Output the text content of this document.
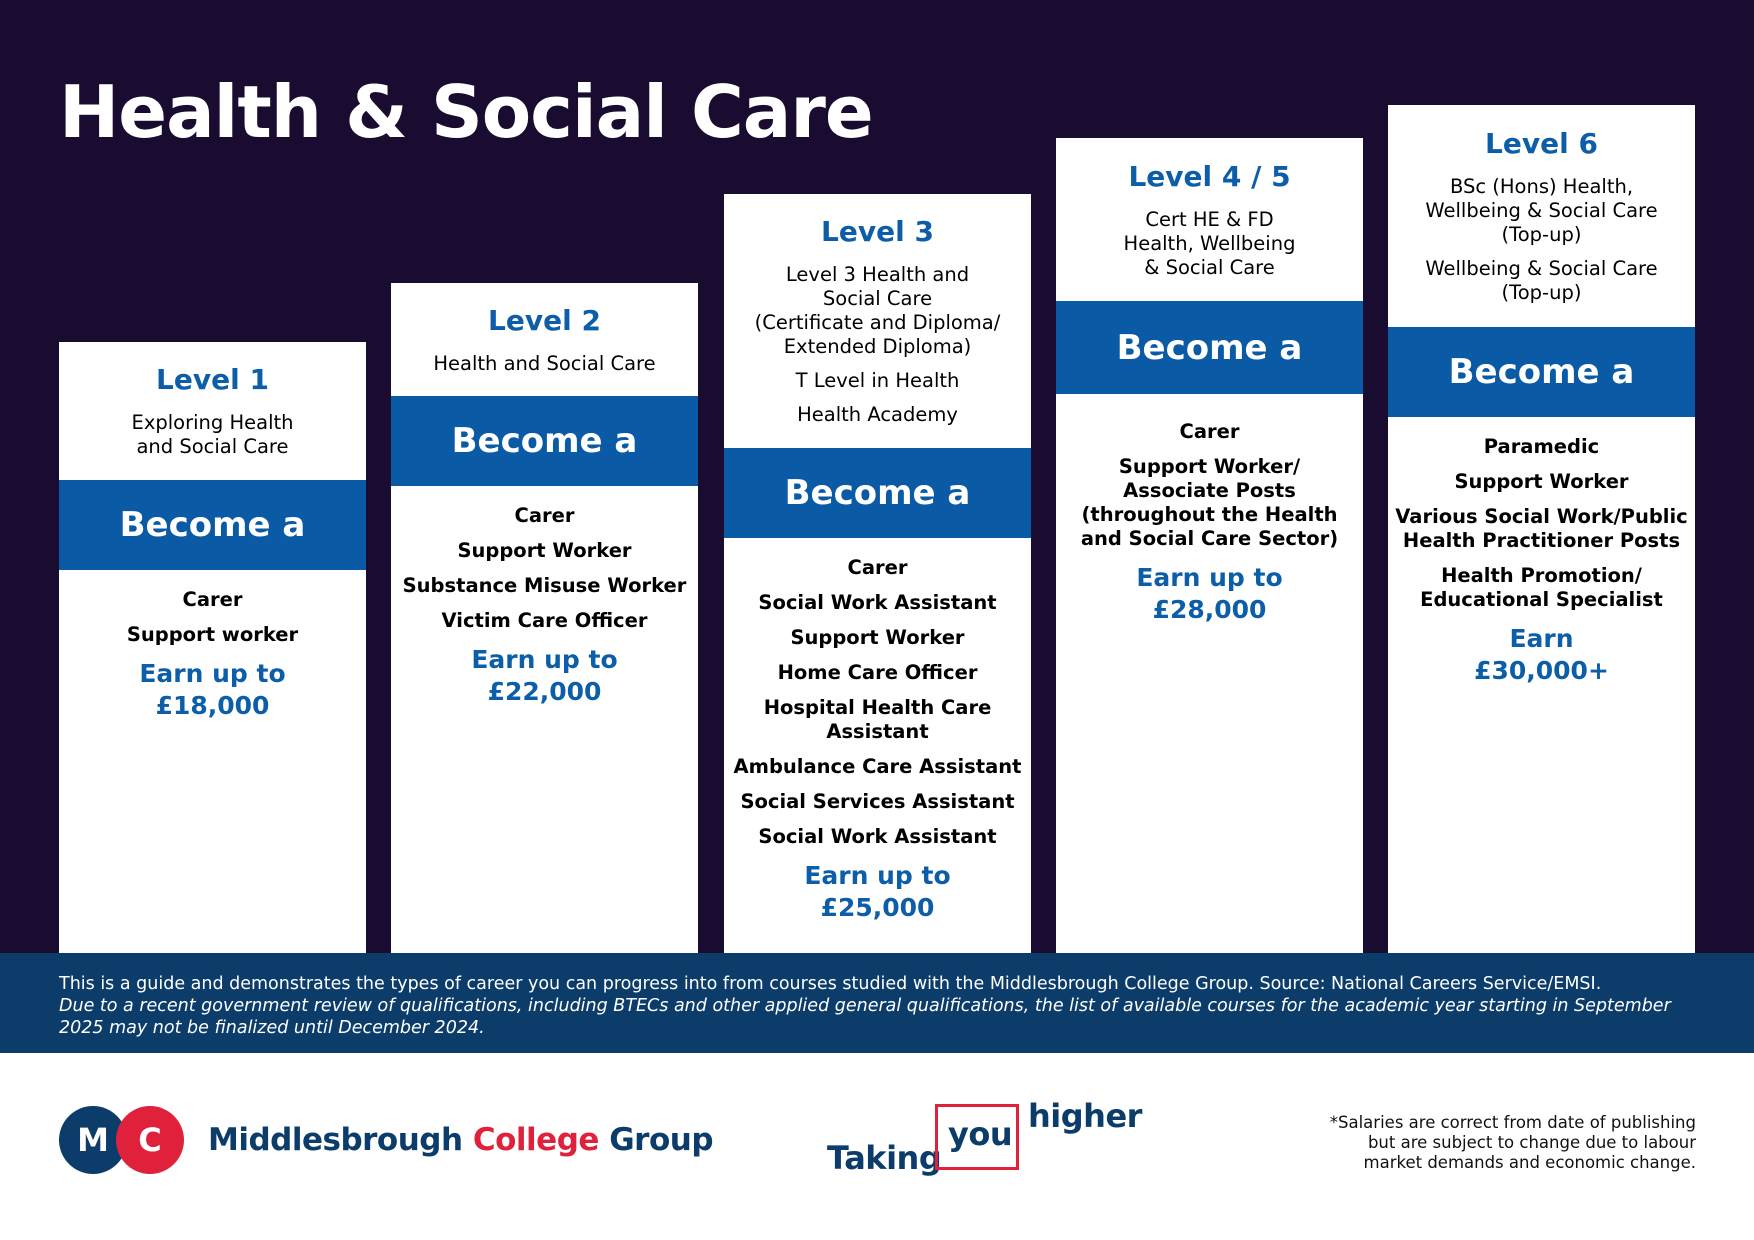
Health & Social Care
Level 1
Exploring Health
and Social Care
Become a
Carer
Support worker
Earn up to
£18,000
Level 2
Health and Social Care
Become a
Carer
Support Worker
Substance Misuse Worker
Victim Care Officer
Earn up to
£22,000
Level 3
Level 3 Health and
Social Care
(Certificate and Diploma/
Extended Diploma)
T Level in Health
Health Academy
Become a
Carer
Social Work Assistant
Support Worker
Home Care Officer
Hospital Health Care
Assistant
Ambulance Care Assistant
Social Services Assistant
Social Work Assistant
Earn up to
£25,000
Level 4 / 5
Cert HE & FD
Health, Wellbeing
& Social Care
Become a
Carer
Support Worker/
Associate Posts
(throughout the Health
and Social Care Sector)
Earn up to
£28,000
Level 6
BSc (Hons) Health,
Wellbeing & Social Care
(Top-up)
Wellbeing & Social Care
(Top-up)
Become a
Paramedic
Support Worker
Various Social Work/Public
Health Practitioner Posts
Health Promotion/
Educational Specialist
Earn
£30,000+
This is a guide and demonstrates the types of career you can progress into from courses studied with the Middlesbrough College Group. Source: National Careers Service/EMSI.
Due to a recent government review of qualifications, including BTECs and other applied general qualifications, the list of available courses for the academic year starting in September 2025 may not be finalized until December 2024.
M C Middlesbrough College Group	Taking
you higher	*Salaries are correct from date of publishing
but are subject to change due to labour
market demands and economic change.
